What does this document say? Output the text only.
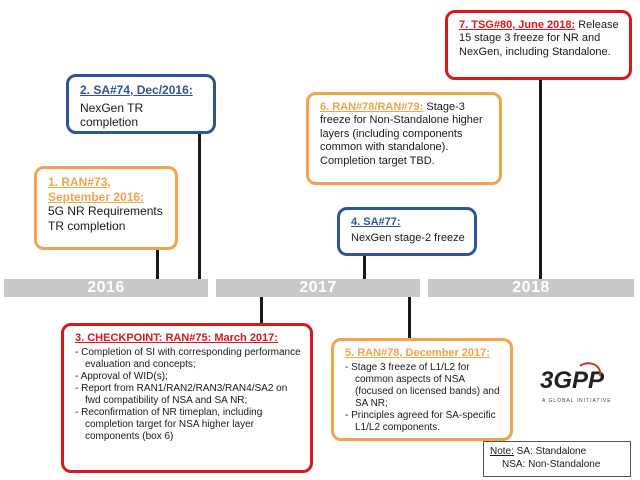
2016	2017	2018
1. RAN#73,
September 2016:
5G NR Requirements
TR completion
2. SA#74, Dec/2016:
NexGen TR completion
6. RAN#78/RAN#79: Stage-3 freeze for Non-Standalone higher layers (including components common with standalone). Completion target TBD.
7. TSG#80, June 2018: Release 15 stage 3 freeze for NR and NexGen, including Standalone.
4. SA#77:
NexGen stage-2 freeze
3. CHECKPOINT: RAN#75: March 2017:
- Completion of SI with corresponding performance evaluation and concepts;
- Approval of WID(s);
- Report from RAN1/RAN2/RAN3/RAN4/SA2 on fwd compatibility of NSA and SA NR;
- Reconfirmation of NR timeplan, including completion target for NSA higher layer components (box 6)
5. RAN#78, December 2017:
- Stage 3 freeze of L1/L2 for common aspects of NSA (focused on licensed bands) and SA NR;
- Principles agreed for SA-specific L1/L2 components.
3GPP
A GLOBAL INITIATIVE
Note: SA: Standalone
NSA: Non-Standalone
